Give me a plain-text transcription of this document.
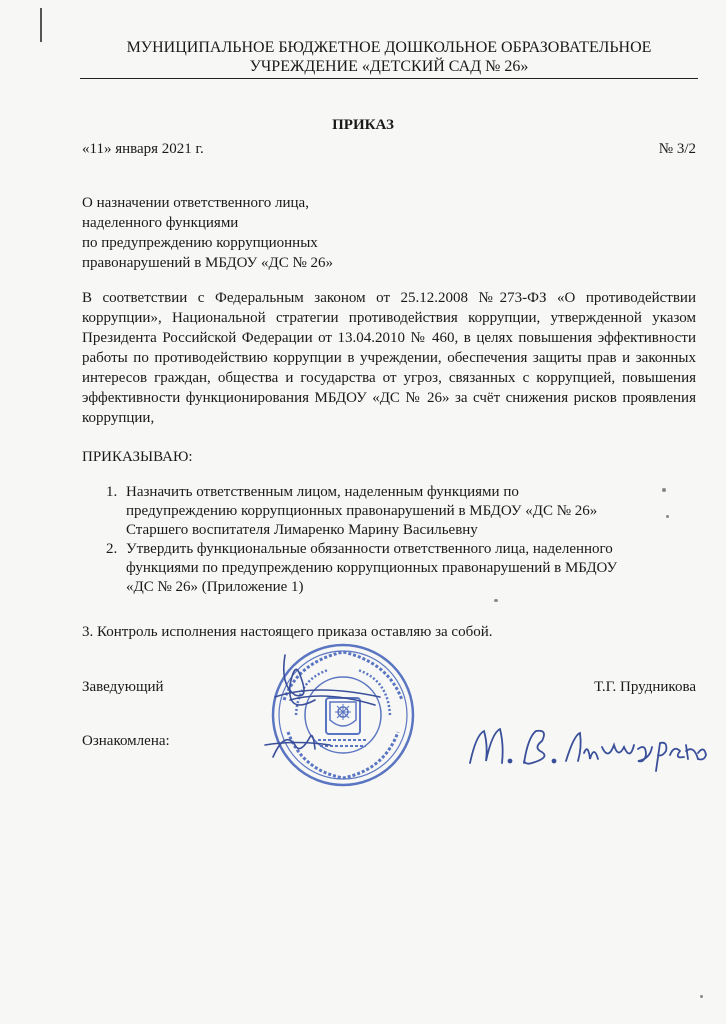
МУНИЦИПАЛЬНОЕ БЮДЖЕТНОЕ ДОШКОЛЬНОЕ ОБРАЗОВАТЕЛЬНОЕ
УЧРЕЖДЕНИЕ «ДЕТСКИЙ САД № 26»
ПРИКАЗ
«11» января 2021 г.	№ 3/2
О назначении ответственного лица,
наделенного функциями
по предупреждению коррупционных
правонарушений в МБДОУ «ДС № 26»
В соответствии с Федеральным законом от 25.12.2008 №273-ФЗ «О противодействии коррупции», Национальной стратегии противодействия коррупции, утвержденной указом Президента Российской Федерации от 13.04.2010 № 460, в целях повышения эффективности работы по противодействию коррупции в учреждении, обеспечения защиты прав и законных интересов граждан, общества и государства от угроз, связанных с коррупцией, повышения эффективности функционирования МБДОУ «ДС № 26» за счёт снижения рисков проявления коррупции,
ПРИКАЗЫВАЮ:
1. Назначить ответственным лицом, наделенным функциями по
предупреждению коррупционных правонарушений в МБДОУ «ДС № 26»
Старшего воспитателя Лимаренко Марину Васильевну
2. Утвердить функциональные обязанности ответственного лица, наделенного
функциями по предупреждению коррупционных правонарушений в МБДОУ
«ДС № 26» (Приложение 1)
3. Контроль исполнения настоящего приказа оставляю за собой.
Заведующий	Т.Г. Прудникова
Ознакомлена:
